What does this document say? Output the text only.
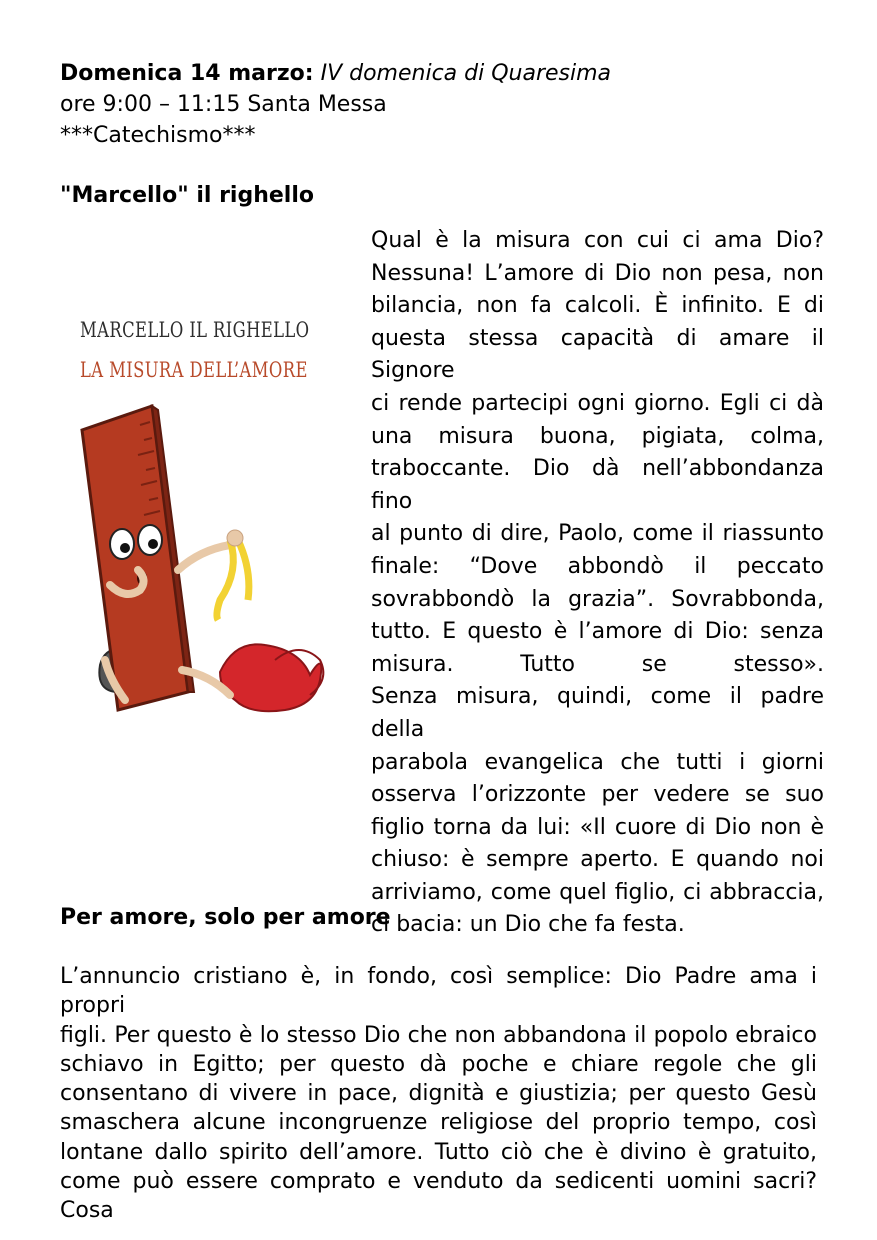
Domenica 14 marzo: IV domenica di Quaresima
ore 9:00 – 11:15 Santa Messa
***Catechismo***
"Marcello" il righello
MARCELLO IL RIGHELLO
LA MISURA DELL’AMORE
Qual è la misura con cui ci ama Dio?
Nessuna! L’amore di Dio non pesa, non
bilancia, non fa calcoli. È infinito. E di
questa stessa capacità di amare il Signore
ci rende partecipi ogni giorno. Egli ci dà
una misura buona, pigiata, colma,
traboccante. Dio dà nell’abbondanza fino
al punto di dire, Paolo, come il riassunto
finale: “Dove abbondò il peccato
sovrabbondò la grazia”. Sovrabbonda,
tutto. E questo è l’amore di Dio: senza
misura. Tutto se stesso».
Senza misura, quindi, come il padre della
parabola evangelica che tutti i giorni
osserva l’orizzonte per vedere se suo
figlio torna da lui: «Il cuore di Dio non è
chiuso: è sempre aperto. E quando noi
arriviamo, come quel figlio, ci abbraccia,
ci bacia: un Dio che fa festa.
Per amore, solo per amore
L’annuncio cristiano è, in fondo, così semplice: Dio Padre ama i propri
figli. Per questo è lo stesso Dio che non abbandona il popolo ebraico
schiavo in Egitto; per questo dà poche e chiare regole che gli
consentano di vivere in pace, dignità e giustizia; per questo Gesù
smaschera alcune incongruenze religiose del proprio tempo, così
lontane dallo spirito dell’amore. Tutto ciò che è divino è gratuito,
come può essere comprato e venduto da sedicenti uomini sacri? Cosa
